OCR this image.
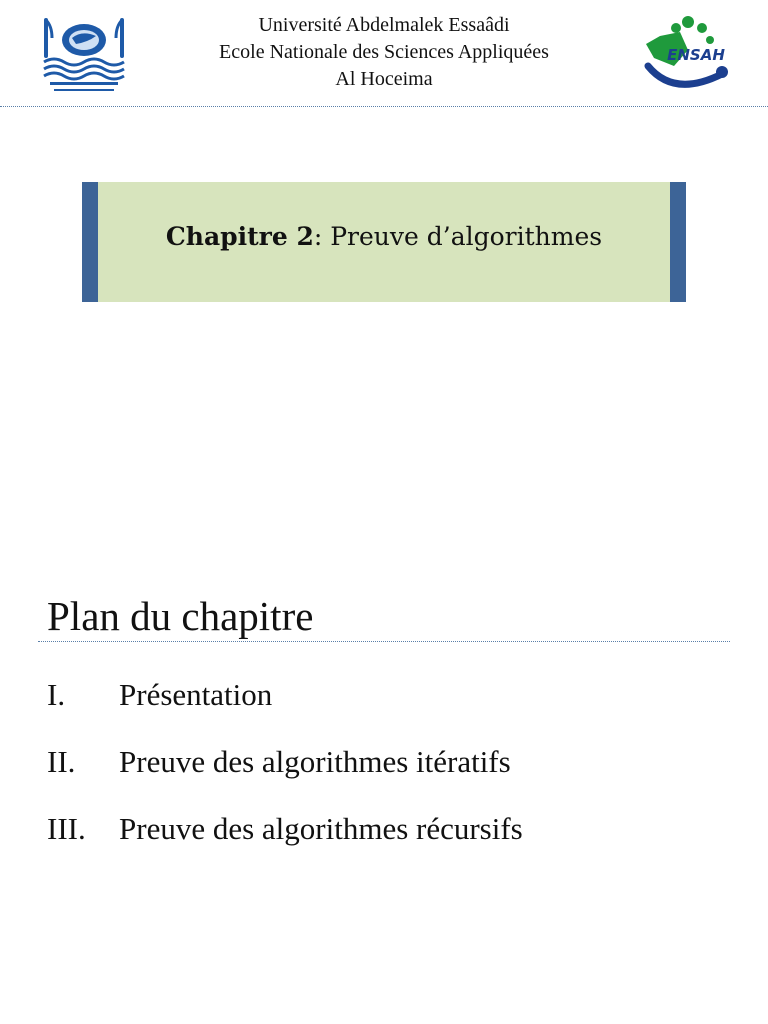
Université Abdelmalek Essaâdi
Ecole Nationale des Sciences Appliquées
Al Hoceima
ENSAH
Chapitre 2: Preuve d’algorithmes
Plan du chapitre
I. Présentation
II. Preuve des algorithmes itératifs
III. Preuve des algorithmes récursifs
